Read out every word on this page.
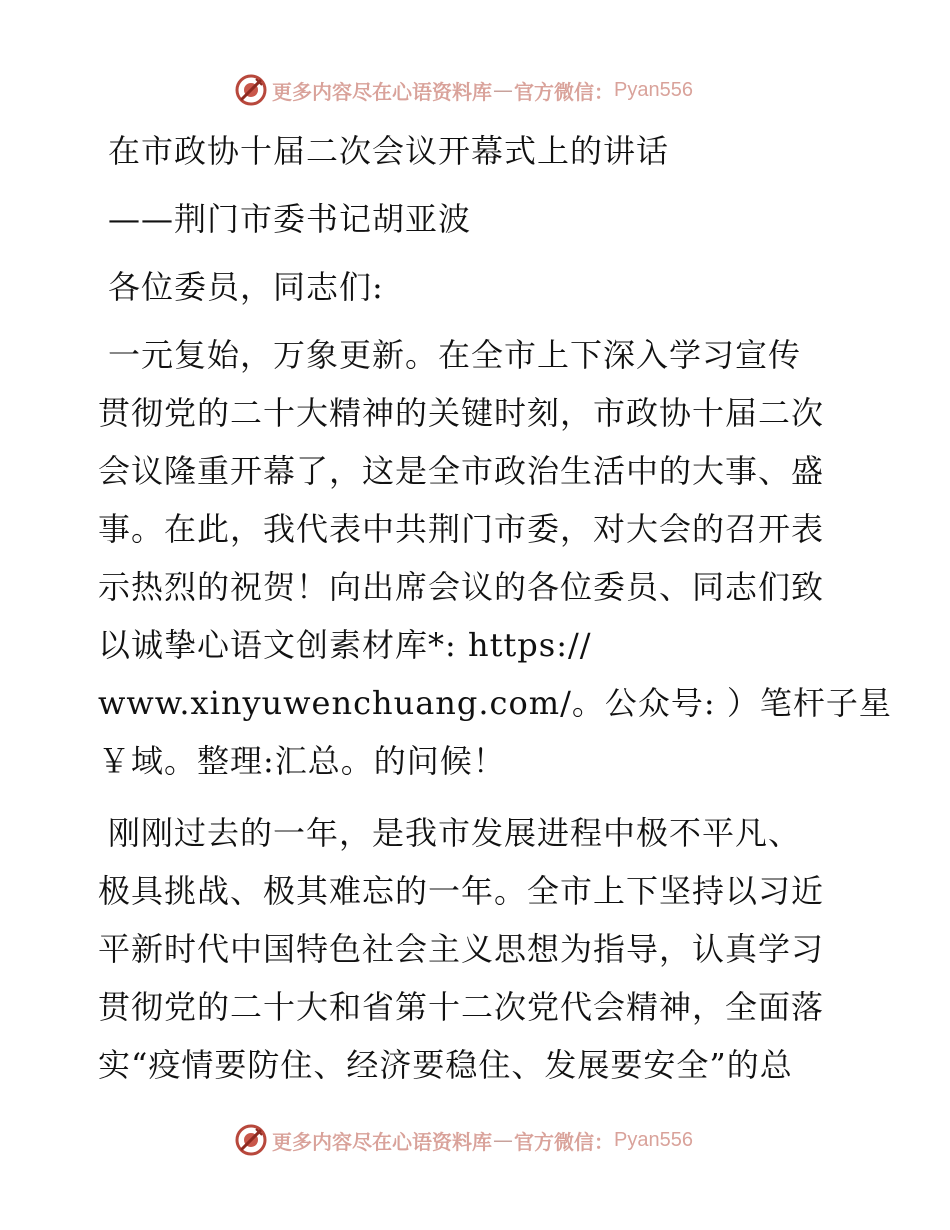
更多内容尽在心语资料库 — 官方微信： Pyan556
在市政协十届二次会议开幕式上的讲话
——荆门市委书记胡亚波
各位委员，同志们:
一元复始，万象更新。在全市上下深入学习宣传
贯彻党的二十大精神的关键时刻，市政协十届二次
会议隆重开幕了，这是全市政治生活中的大事、盛
事。在此，我代表中共荆门市委，对大会的召开表
示热烈的祝贺！向出席会议的各位委员、同志们致
以诚挚心语文创素材库*: https://
www.xinyuwenchuang.com/。公众号: ）笔杆子星
￥域。整理:汇总。的问候！
刚刚过去的一年，是我市发展进程中极不平凡、
极具挑战、极其难忘的一年。全市上下坚持以习近
平新时代中国特色社会主义思想为指导，认真学习
贯彻党的二十大和省第十二次党代会精神，全面落
实“疫情要防住、经济要稳住、发展要安全”的总
更多内容尽在心语资料库 — 官方微信： Pyan556
